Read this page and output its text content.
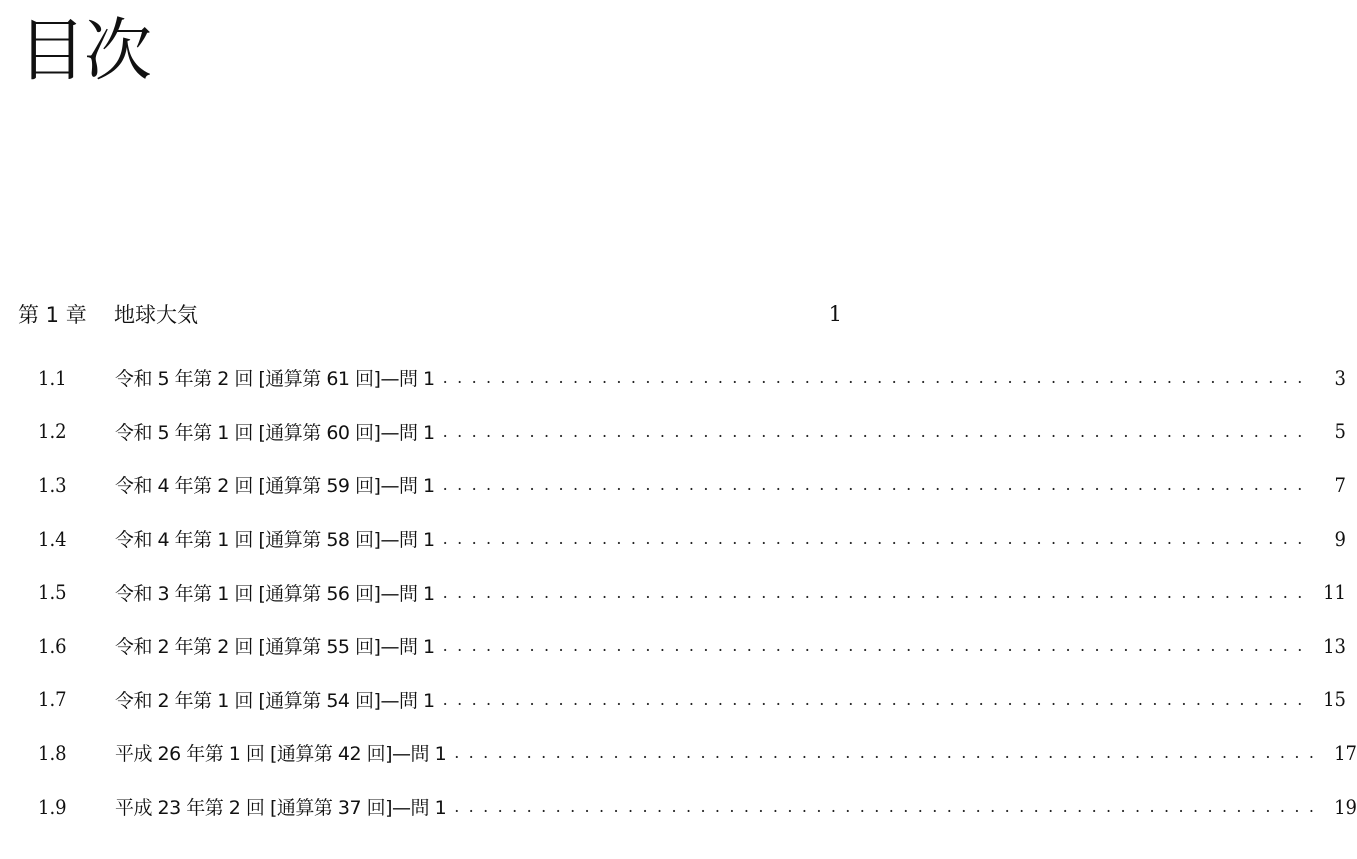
目次
第 1 章	地球大気	1
1.1	令和 5 年第 2 回 [通算第 61 回]—問 1 ............................................................	3
1.2	令和 5 年第 1 回 [通算第 60 回]—問 1 ............................................................	5
1.3	令和 4 年第 2 回 [通算第 59 回]—問 1 ............................................................	7
1.4	令和 4 年第 1 回 [通算第 58 回]—問 1 ............................................................	9
1.5	令和 3 年第 1 回 [通算第 56 回]—問 1 ............................................................ 11
1.6	令和 2 年第 2 回 [通算第 55 回]—問 1 ............................................................ 13
1.7	令和 2 年第 1 回 [通算第 54 回]—問 1 ............................................................ 15
1.8	平成 26 年第 1 回 [通算第 42 回]—問 1 ............................................................ 17
1.9	平成 23 年第 2 回 [通算第 37 回]—問 1 ............................................................ 19
